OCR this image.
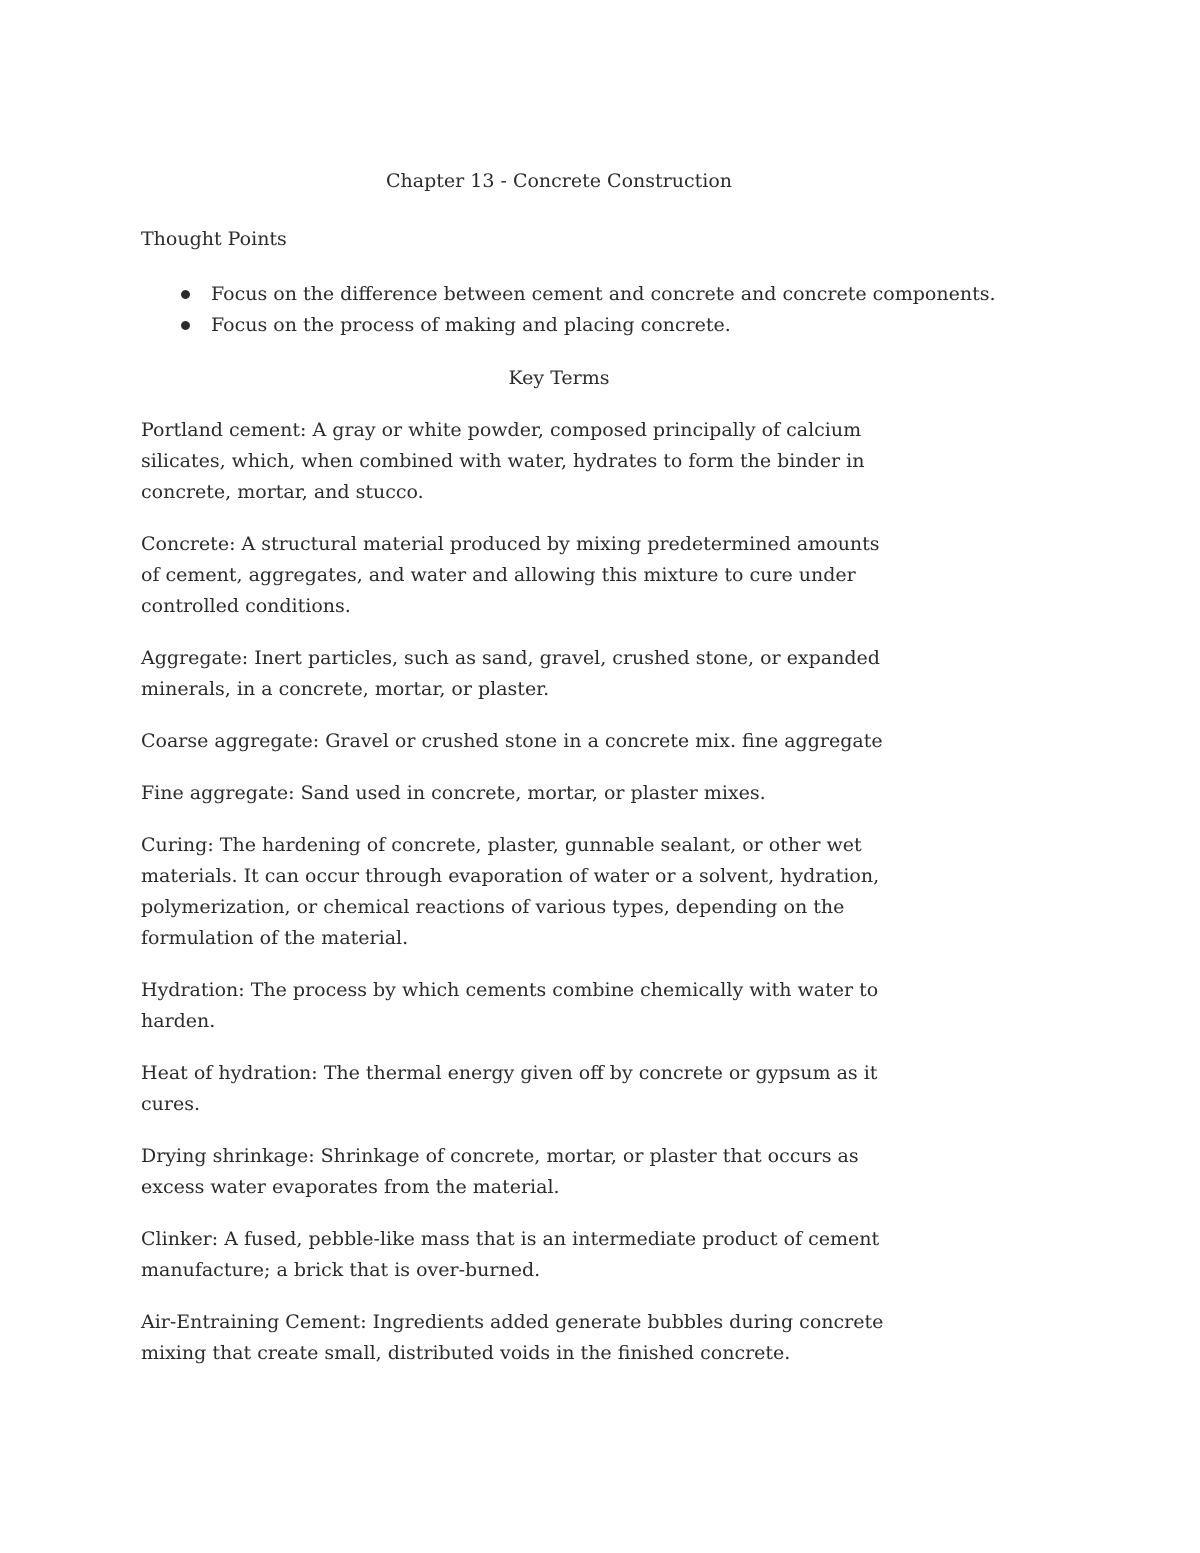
Chapter 13 - Concrete Construction

Thought Points

Focus on the difference between cement and concrete and concrete components.
Focus on the process of making and placing concrete.
Key Terms

Portland cement: A gray or white powder, composed principally of calcium silicates, which, when combined with water, hydrates to form the binder in concrete, mortar, and stucco.

Concrete: A structural material produced by mixing predetermined amounts of cement, aggregates, and water and allowing this mixture to cure under controlled conditions.

Aggregate: Inert particles, such as sand, gravel, crushed stone, or expanded minerals, in a concrete, mortar, or plaster.

Coarse aggregate: Gravel or crushed stone in a concrete mix. fine aggregate

Fine aggregate: Sand used in concrete, mortar, or plaster mixes.

Curing: The hardening of concrete, plaster, gunnable sealant, or other wet materials. It can occur through evaporation of water or a solvent, hydration, polymerization, or chemical reactions of various types, depending on the formulation of the material.

Hydration: The process by which cements combine chemically with water to harden.

Heat of hydration: The thermal energy given off by concrete or gypsum as it cures.

Drying shrinkage: Shrinkage of concrete, mortar, or plaster that occurs as excess water evaporates from the material.

Clinker: A fused, pebble-like mass that is an intermediate product of cement manufacture; a brick that is over-burned.

Air-Entraining Cement: Ingredients added generate bubbles during concrete mixing that create small, distributed voids in the finished concrete.
